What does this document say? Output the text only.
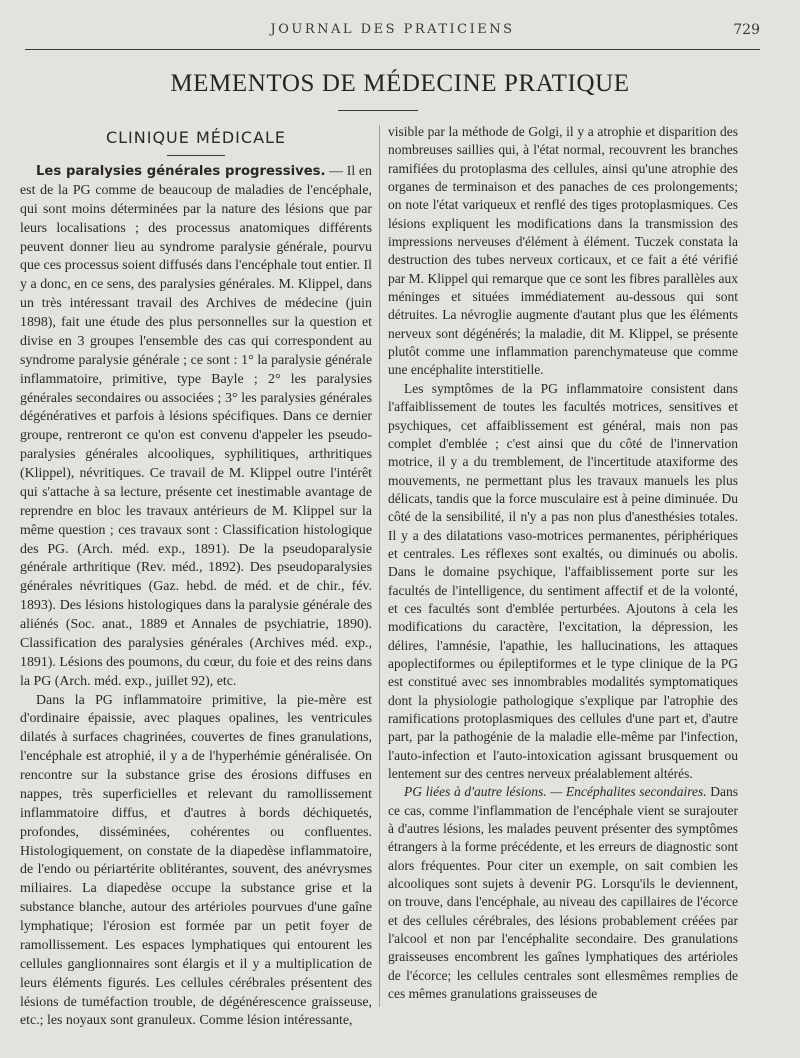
JOURNAL DES PRATICIENS	729
MEMENTOS DE MÉDECINE PRATIQUE
CLINIQUE MÉDICALE

Les paralysies générales progressives. — Il en est de la PG comme de beaucoup de maladies de l'encéphale, qui sont moins déterminées par la nature des lésions que par leurs localisations ; des processus anatomiques différents peuvent donner lieu au syndrome paralysie générale, pourvu que ces processus soient diffusés dans l'encéphale tout entier. Il y a donc, en ce sens, des paralysies générales. M. Klippel, dans un très intéressant travail des Archives de médecine (juin 1898), fait une étude des plus personnelles sur la question et divise en 3 groupes l'ensemble des cas qui correspondent au syndrome paralysie générale ; ce sont : 1° la paralysie générale inflammatoire, primitive, type Bayle ; 2° les paralysies générales secondaires ou associées ; 3° les paralysies générales dégénératives et parfois à lésions spécifiques. Dans ce dernier groupe, rentreront ce qu'on est convenu d'appeler les pseudo-paralysies générales alcooliques, syphilitiques, arthritiques (Klippel), névritiques. Ce travail de M. Klippel outre l'intérêt qui s'attache à sa lecture, présente cet inestimable avantage de reprendre en bloc les travaux antérieurs de M. Klippel sur la même question ; ces travaux sont : Classification histologique des PG. (Arch. méd. exp., 1891). De la pseudoparalysie générale arthritique (Rev. méd., 1892). Des pseudoparalysies générales névritiques (Gaz. hebd. de méd. et de chir., fév. 1893). Des lésions histologiques dans la paralysie générale des aliénés (Soc. anat., 1889 et Annales de psychiatrie, 1890). Classification des paralysies générales (Archives méd. exp., 1891). Lésions des poumons, du cœur, du foie et des reins dans la PG (Arch. méd. exp., juillet 92), etc.

Dans la PG inflammatoire primitive, la pie-mère est d'ordinaire épaissie, avec plaques opalines, les ventricules dilatés à surfaces chagrinées, couvertes de fines granulations, l'encéphale est atrophié, il y a de l'hyperhémie généralisée. On rencontre sur la substance grise des érosions diffuses en nappes, très superficielles et relevant du ramollissement inflammatoire diffus, et d'autres à bords déchiquetés, profondes, disséminées, cohérentes ou confluentes. Histologiquement, on constate de la diapedèse inflammatoire, de l'endo ou périartérite oblitérantes, souvent, des anévrysmes miliaires. La diapedèse occupe la substance grise et la substance blanche, autour des artérioles pourvues d'une gaîne lymphatique; l'érosion est formée par un petit foyer de ramollissement. Les espaces lymphatiques qui entourent les cellules ganglionnaires sont élargis et il y a multiplication de leurs éléments figurés. Les cellules cérébrales présentent des lésions de tuméfaction trouble, de dégénérescence graisseuse, etc.; les noyaux sont granuleux. Comme lésion intéressante,

visible par la méthode de Golgi, il y a atrophie et disparition des nombreuses saillies qui, à l'état normal, recouvrent les branches ramifiées du protoplasma des cellules, ainsi qu'une atrophie des organes de terminaison et des panaches de ces prolongements; on note l'état variqueux et renflé des tiges protoplasmiques. Ces lésions expliquent les modifications dans la transmission des impressions nerveuses d'élément à élément. Tuczek constata la destruction des tubes nerveux corticaux, et ce fait a été vérifié par M. Klippel qui remarque que ce sont les fibres parallèles aux méninges et situées immédiatement au-dessous qui sont détruites. La névroglie augmente d'autant plus que les éléments nerveux sont dégénérés; la maladie, dit M. Klippel, se présente plutôt comme une inflammation parenchymateuse que comme une encéphalite interstitielle.

Les symptômes de la PG inflammatoire consistent dans l'affaiblissement de toutes les facultés motrices, sensitives et psychiques, cet affaiblissement est général, mais non pas complet d'emblée ; c'est ainsi que du côté de l'innervation motrice, il y a du tremblement, de l'incertitude ataxiforme des mouvements, ne permettant plus les travaux manuels les plus délicats, tandis que la force musculaire est à peine diminuée. Du côté de la sensibilité, il n'y a pas non plus d'anesthésies totales. Il y a des dilatations vaso-motrices permanentes, périphériques et centrales. Les réflexes sont exaltés, ou diminués ou abolis. Dans le domaine psychique, l'affaiblissement porte sur les facultés de l'intelligence, du sentiment affectif et de la volonté, et ces facultés sont d'emblée perturbées. Ajoutons à cela les modifications du caractère, l'excitation, la dépression, les délires, l'amnésie, l'apathie, les hallucinations, les attaques apoplectiformes ou épileptiformes et le type clinique de la PG est constitué avec ses innombrables modalités symptomatiques dont la physiologie pathologique s'explique par l'atrophie des ramifications protoplasmiques des cellules d'une part et, d'autre part, par la pathogénie de la maladie elle-même par l'infection, l'auto-infection et l'auto-intoxication agissant brusquement ou lentement sur des centres nerveux préalablement altérés.

PG liées à d'autre lésions. — Encéphalites secondaires. Dans ce cas, comme l'inflammation de l'encéphale vient se surajouter à d'autres lésions, les malades peuvent présenter des symptômes étrangers à la forme précédente, et les erreurs de diagnostic sont alors fréquentes. Pour citer un exemple, on sait combien les alcooliques sont sujets à devenir PG. Lorsqu'ils le deviennent, on trouve, dans l'encéphale, au niveau des capillaires de l'écorce et des cellules cérébrales, des lésions probablement créées par l'alcool et non par l'encéphalite secondaire. Des granulations graisseuses encombrent les gaînes lymphatiques des artérioles de l'écorce; les cellules centrales sont ellesmêmes remplies de ces mêmes granulations graisseuses de
